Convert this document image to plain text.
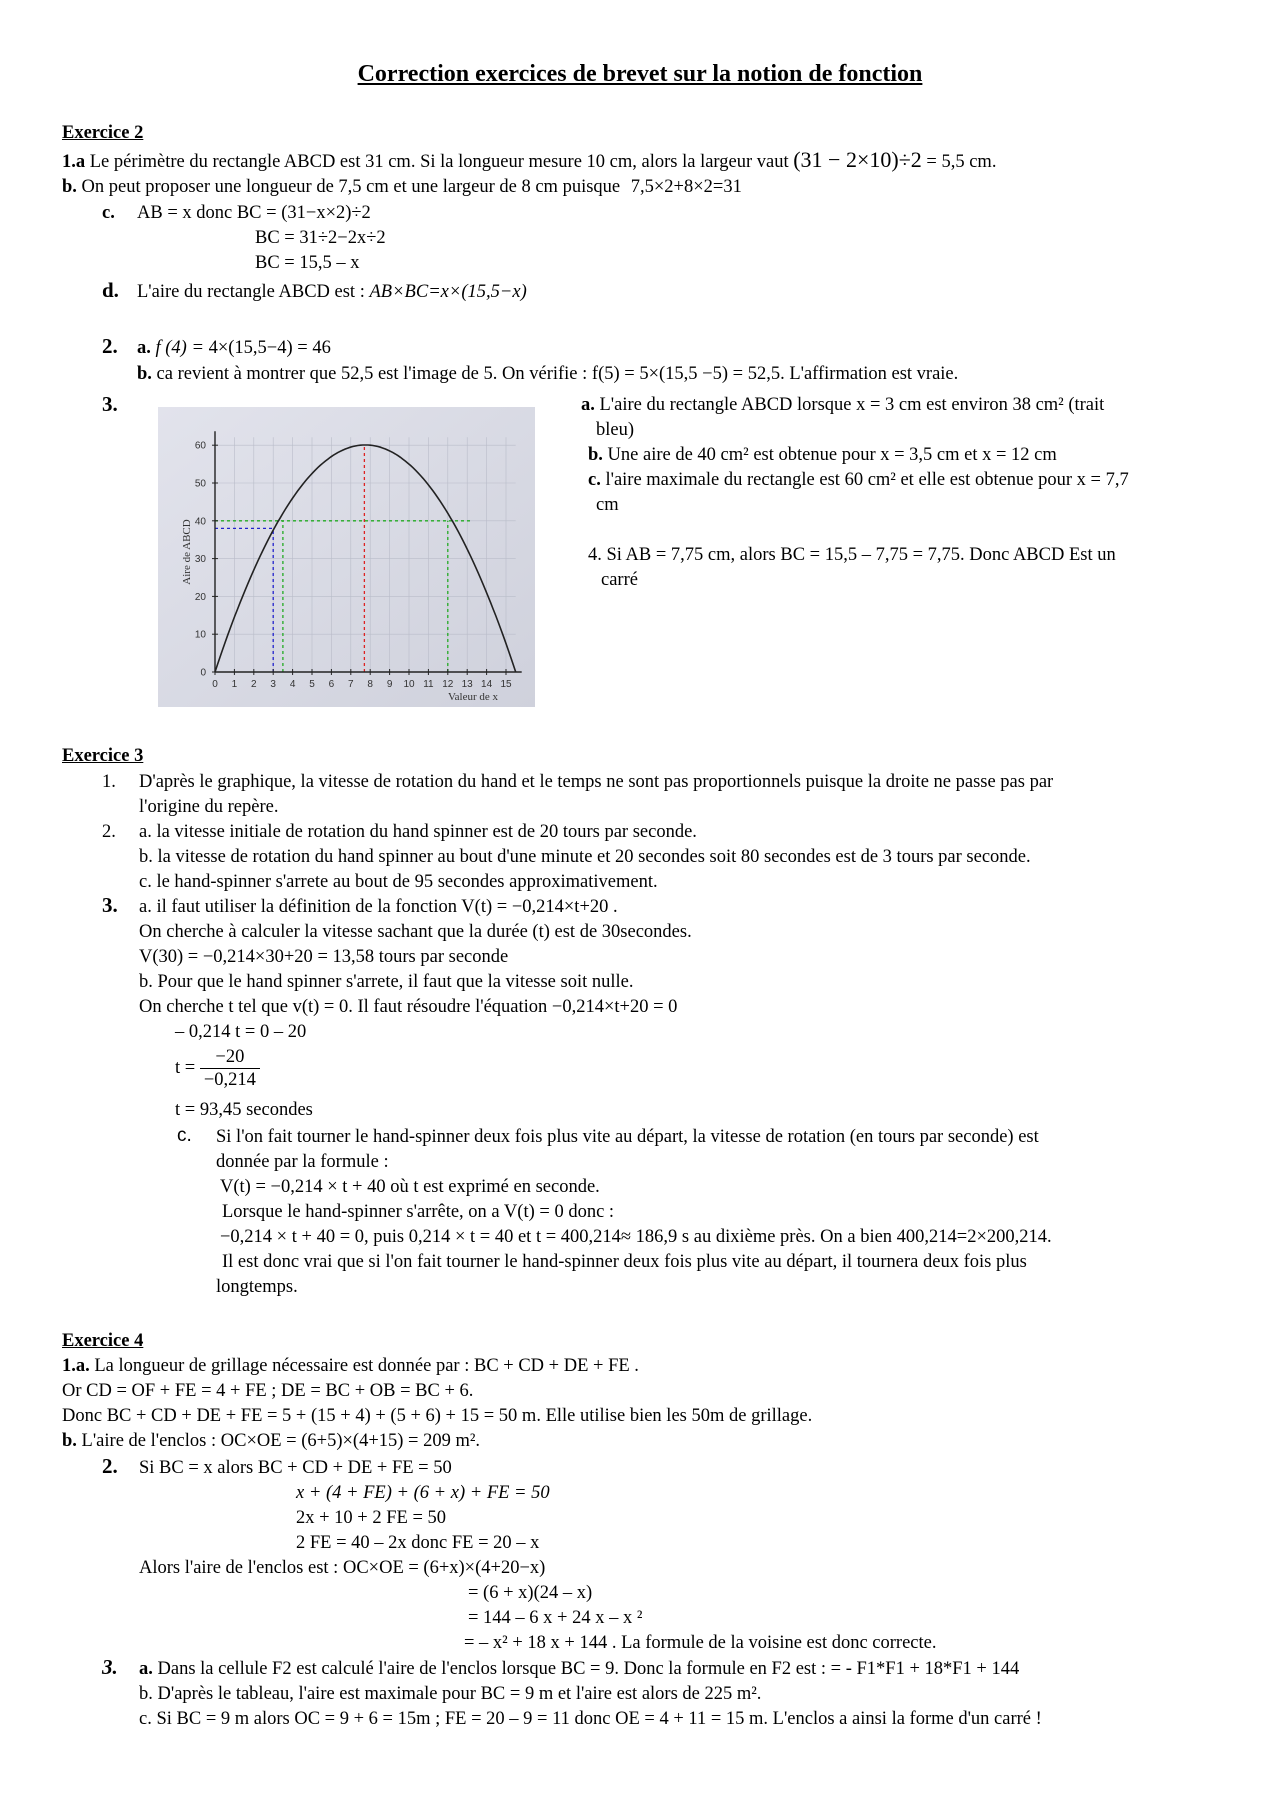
Correction exercices de brevet sur la notion de fonction
Exercice 2
1.a Le périmètre du rectangle ABCD est 31 cm. Si la longueur mesure 10 cm, alors la largeur vaut (31 − 2×10)÷2 = 5,5 cm.
b. On peut proposer une longueur de 7,5 cm et une largeur de 8 cm puisque 7,5×2+8×2=31
c. AB = x donc BC = (31−x×2)÷2
BC = 31÷2−2x÷2
BC = 15,5 – x
d. L'aire du rectangle ABCD est : AB×BC=x×(15,5−x)
2. a. f (4) = 4×(15,5−4) = 46
b. ca revient à montrer que 52,5 est l'image de 5. On vérifie : f(5) = 5×(15,5 −5) = 52,5. L'affirmation est vraie.
3.
0 1 2 3 4 5 6 7 8 9 10 11 12 13 14 15
0
10
20
30
40
50
60
Aire de ABCD
Valeur de x
a. L'aire du rectangle ABCD lorsque x = 3 cm est environ 38 cm² (trait
bleu)
b. Une aire de 40 cm² est obtenue pour x = 3,5 cm et x = 12 cm
c. l'aire maximale du rectangle est 60 cm² et elle est obtenue pour x = 7,7
cm
4. Si AB = 7,75 cm, alors BC = 15,5 – 7,75 = 7,75. Donc ABCD Est un
carré
Exercice 3
1. D'après le graphique, la vitesse de rotation du hand et le temps ne sont pas proportionnels puisque la droite ne passe pas par
l'origine du repère.
2. a. la vitesse initiale de rotation du hand spinner est de 20 tours par seconde.
b. la vitesse de rotation du hand spinner au bout d'une minute et 20 secondes soit 80 secondes est de 3 tours par seconde.
c. le hand-spinner s'arrete au bout de 95 secondes approximativement.
3. a. il faut utiliser la définition de la fonction V(t) = −0,214×t+20 .
On cherche à calculer la vitesse sachant que la durée (t) est de 30secondes.
V(30) = −0,214×30+20 = 13,58 tours par seconde
b. Pour que le hand spinner s'arrete, il faut que la vitesse soit nulle.
On cherche t tel que v(t) = 0. Il faut résoudre l'équation −0,214×t+20 = 0
– 0,214 t = 0 – 20
$t = \frac{-20}{-0,214}$
t = 93,45 secondes
c. Si l'on fait tourner le hand-spinner deux fois plus vite au départ, la vitesse de rotation (en tours par seconde) est
donnée par la formule :
V(t) = −0,214 × t + 40 où t est exprimé en seconde.
Lorsque le hand-spinner s'arrête, on a V(t) = 0 donc :
−0,214 × t + 40 = 0, puis 0,214 × t = 40 et t = 400,214≈ 186,9 s au dixième près. On a bien 400,214=2×200,214.
Il est donc vrai que si l'on fait tourner le hand-spinner deux fois plus vite au départ, il tournera deux fois plus
longtemps.
Exercice 4
1.a. La longueur de grillage nécessaire est donnée par : BC + CD + DE + FE .
Or CD = OF + FE = 4 + FE ; DE = BC + OB = BC + 6.
Donc BC + CD + DE + FE = 5 + (15 + 4) + (5 + 6) + 15 = 50 m. Elle utilise bien les 50m de grillage.
b. L'aire de l'enclos : OC×OE = (6+5)×(4+15) = 209 m².
2. Si BC = x alors BC + CD + DE + FE = 50
x + (4 + FE) + (6 + x) + FE = 50
2x + 10 + 2 FE = 50
2 FE = 40 – 2x donc FE = 20 – x
Alors l'aire de l'enclos est : OC×OE = (6+x)×(4+20−x)
= (6 + x)(24 – x)
= 144 – 6 x + 24 x – x ²
= – x² + 18 x + 144 . La formule de la voisine est donc correcte.
3. a. Dans la cellule F2 est calculé l'aire de l'enclos lorsque BC = 9. Donc la formule en F2 est : = - F1*F1 + 18*F1 + 144
b. D'après le tableau, l'aire est maximale pour BC = 9 m et l'aire est alors de 225 m².
c. Si BC = 9 m alors OC = 9 + 6 = 15m ; FE = 20 – 9 = 11 donc OE = 4 + 11 = 15 m. L'enclos a ainsi la forme d'un carré !
